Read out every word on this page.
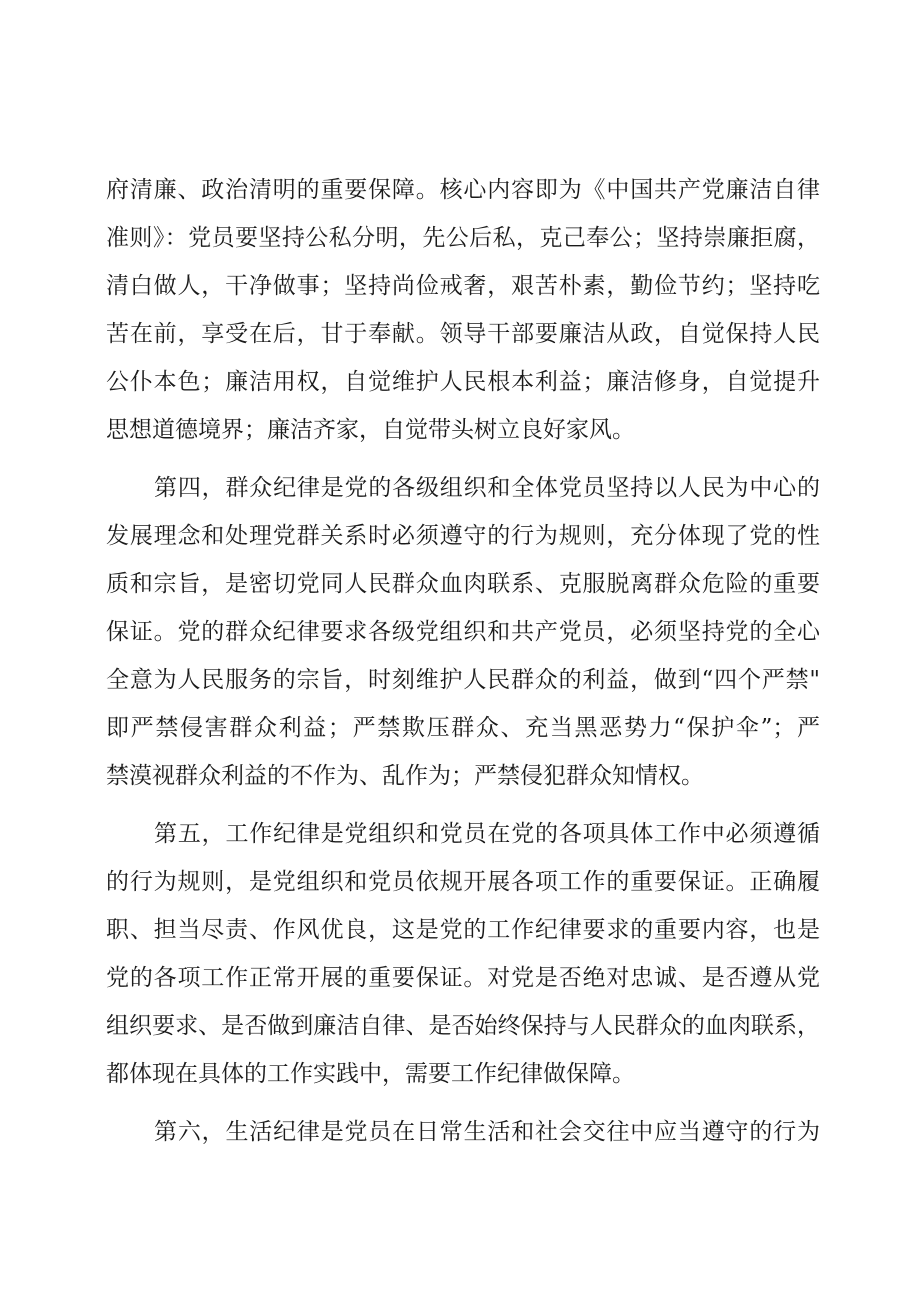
府清廉、政治清明的重要保障。核心内容即为《中国共产党廉洁自律
准则》：党员要坚持公私分明，先公后私，克己奉公；坚持崇廉拒腐，
清白做人，干净做事；坚持尚俭戒奢，艰苦朴素，勤俭节约；坚持吃
苦在前，享受在后，甘于奉献。领导干部要廉洁从政，自觉保持人民
公仆本色；廉洁用权，自觉维护人民根本利益；廉洁修身，自觉提升
思想道德境界；廉洁齐家，自觉带头树立良好家风。
第四，群众纪律是党的各级组织和全体党员坚持以人民为中心的
发展理念和处理党群关系时必须遵守的行为规则，充分体现了党的性
质和宗旨，是密切党同人民群众血肉联系、克服脱离群众危险的重要
保证。党的群众纪律要求各级党组织和共产党员，必须坚持党的全心
全意为人民服务的宗旨，时刻维护人民群众的利益，做到“四个严禁"
即严禁侵害群众利益；严禁欺压群众、充当黑恶势力“保护伞”；严
禁漠视群众利益的不作为、乱作为；严禁侵犯群众知情权。
第五，工作纪律是党组织和党员在党的各项具体工作中必须遵循
的行为规则，是党组织和党员依规开展各项工作的重要保证。正确履
职、担当尽责、作风优良，这是党的工作纪律要求的重要内容，也是
党的各项工作正常开展的重要保证。对党是否绝对忠诚、是否遵从党
组织要求、是否做到廉洁自律、是否始终保持与人民群众的血肉联系，
都体现在具体的工作实践中，需要工作纪律做保障。
第六，生活纪律是党员在日常生活和社会交往中应当遵守的行为
